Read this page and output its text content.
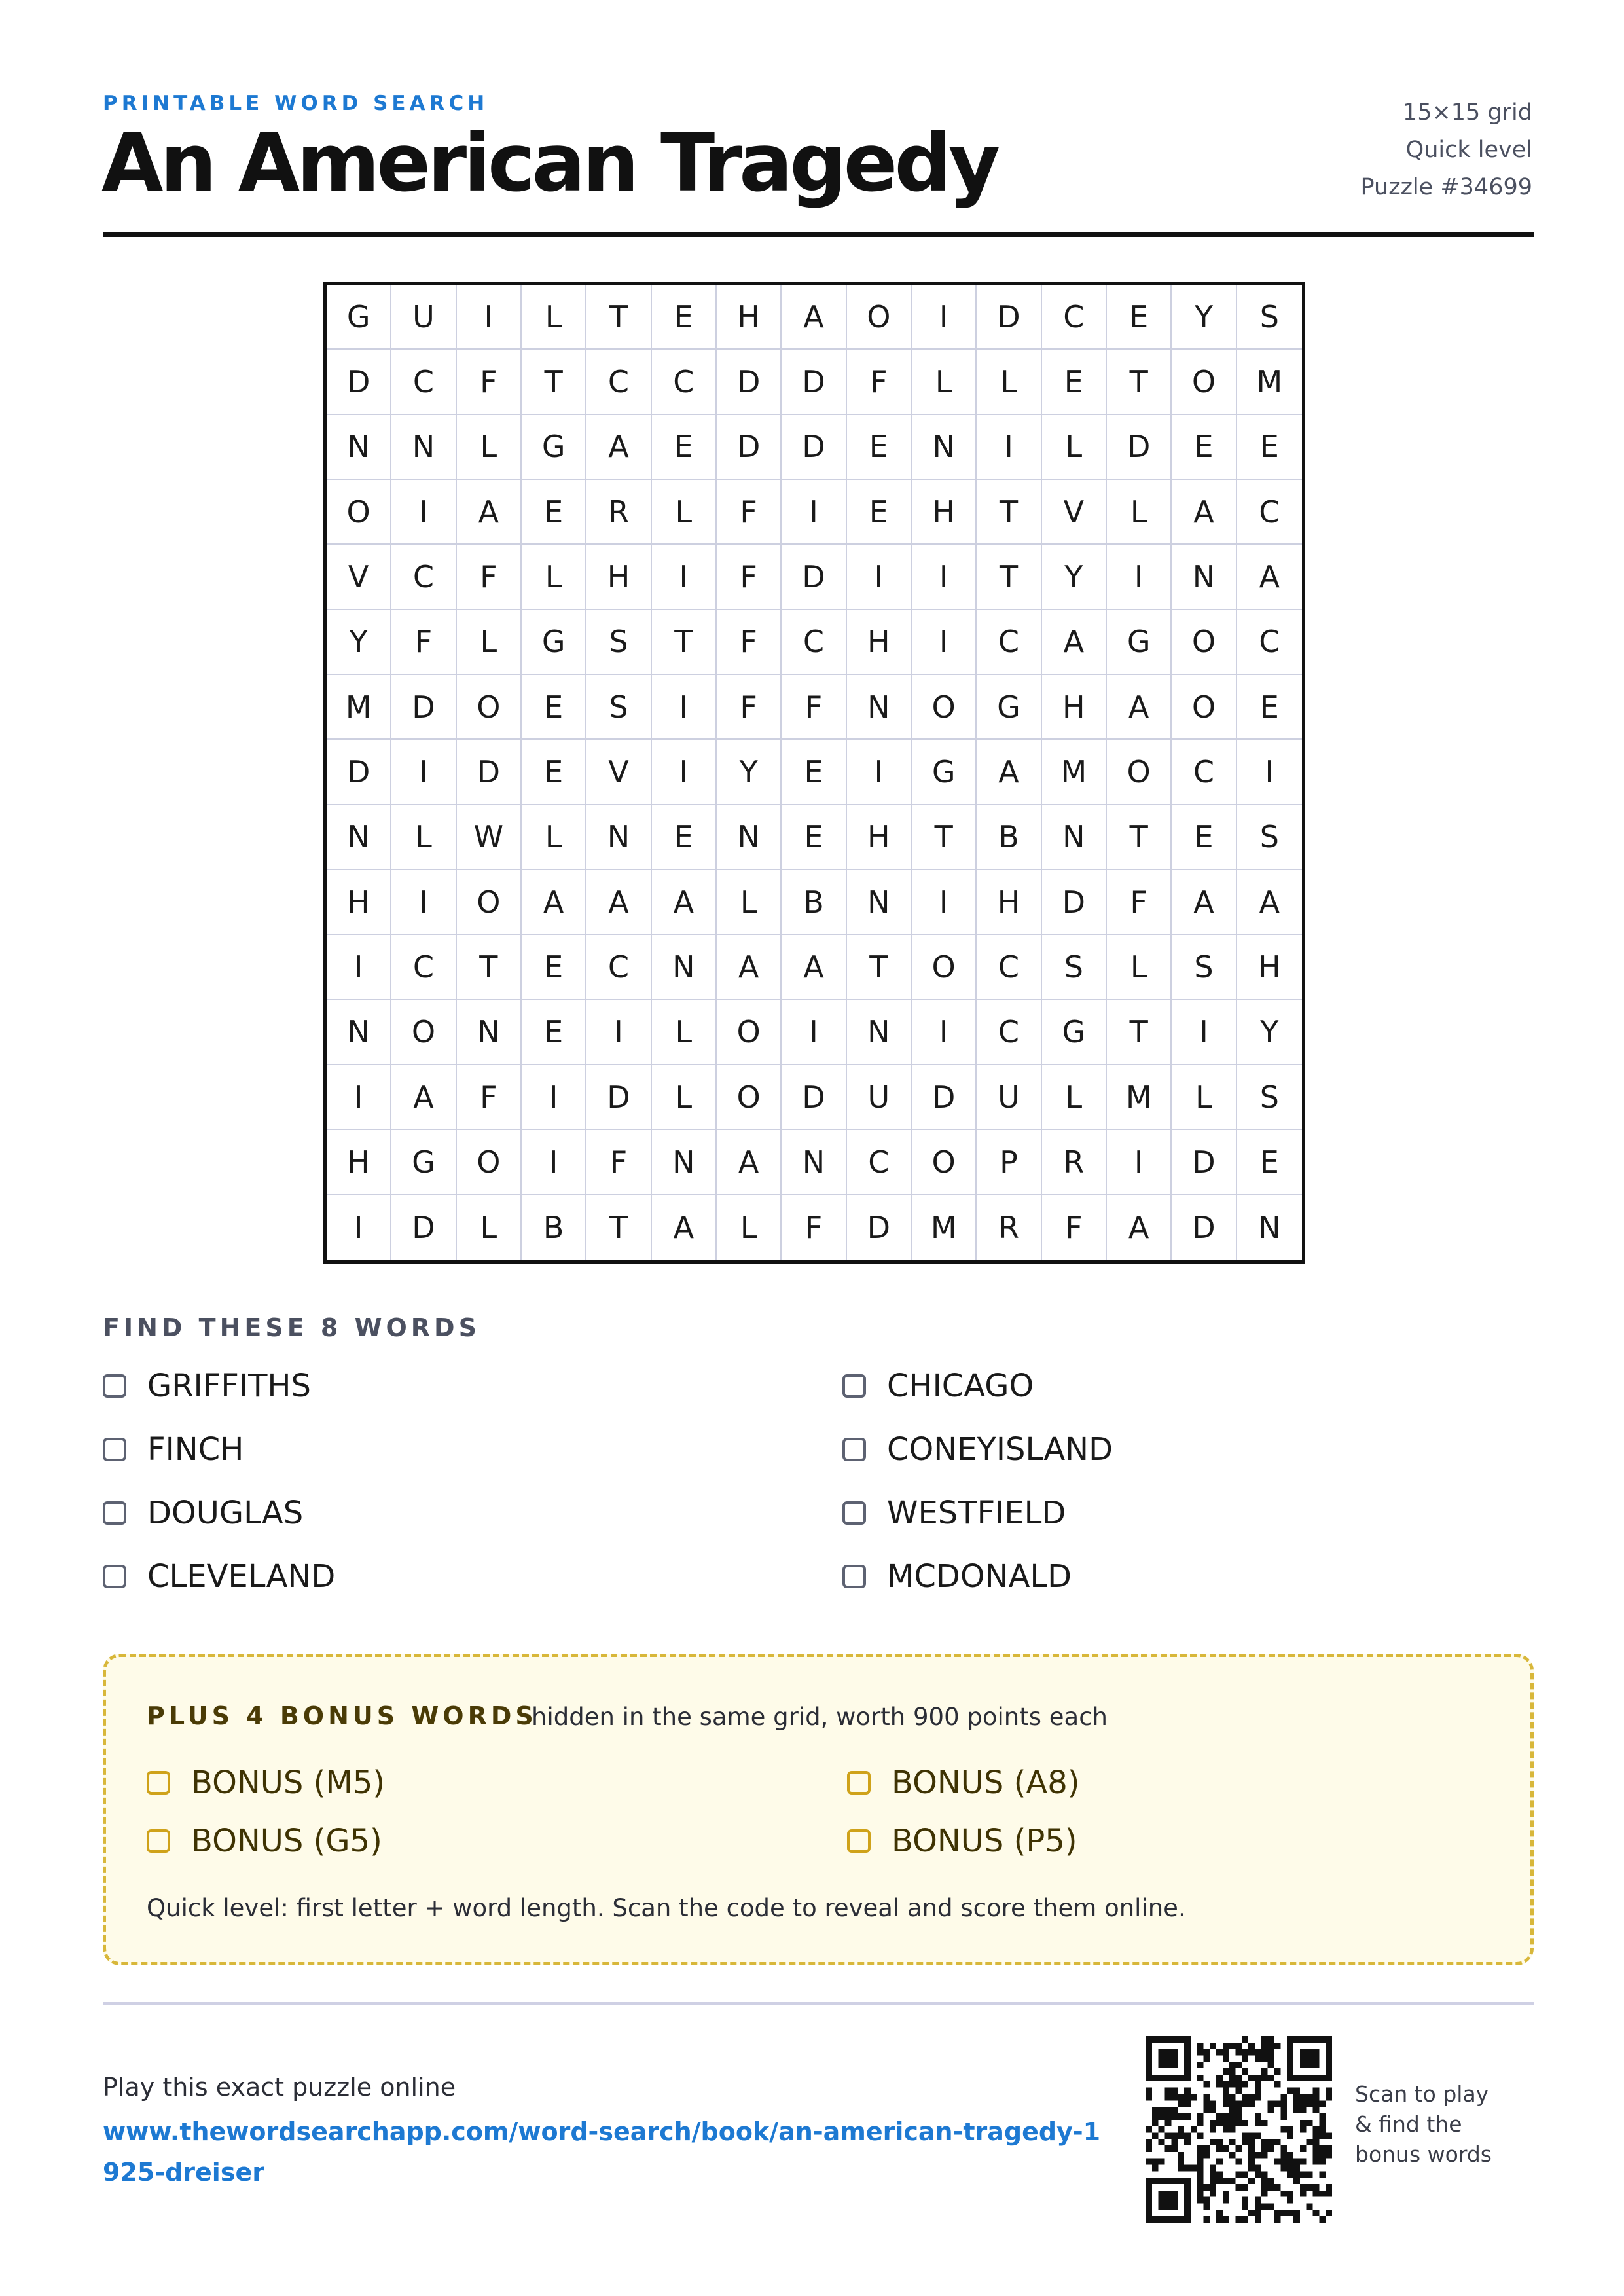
PRINTABLE WORD SEARCH
An American Tragedy
15×15 grid
Quick level
Puzzle #34699
G	U	I	L	T	E	H	A	O	I	D	C	E	Y	S
D	C	F	T	C	C	D	D	F	L	L	E	T	O	M
N	N	L	G	A	E	D	D	E	N	I	L	D	E	E
O	I	A	E	R	L	F	I	E	H	T	V	L	A	C
V	C	F	L	H	I	F	D	I	I	T	Y	I	N	A
Y	F	L	G	S	T	F	C	H	I	C	A	G	O	C
M	D	O	E	S	I	F	F	N	O	G	H	A	O	E
D	I	D	E	V	I	Y	E	I	G	A	M	O	C	I
N	L	W	L	N	E	N	E	H	T	B	N	T	E	S
H	I	O	A	A	A	L	B	N	I	H	D	F	A	A
I	C	T	E	C	N	A	A	T	O	C	S	L	S	H
N	O	N	E	I	L	O	I	N	I	C	G	T	I	Y
I	A	F	I	D	L	O	D	U	D	U	L	M	L	S
H	G	O	I	F	N	A	N	C	O	P	R	I	D	E
I	D	L	B	T	A	L	F	D	M	R	F	A	D	N
FIND THESE 8 WORDS
GRIFFITHS	CHICAGO
FINCH	CONEYISLAND
DOUGLAS	WESTFIELD
CLEVELAND	MCDONALD
PLUS 4 BONUS WORDS
hidden in the same grid, worth 900 points each
BONUS (M5)	BONUS (A8)
BONUS (G5)	BONUS (P5)
Quick level: first letter + word length. Scan the code to reveal and score them online.
Play this exact puzzle online
www.thewordsearchapp.com/word-search/book/an-american-tragedy-1925-dreiser
Scan to play & find the bonus words
